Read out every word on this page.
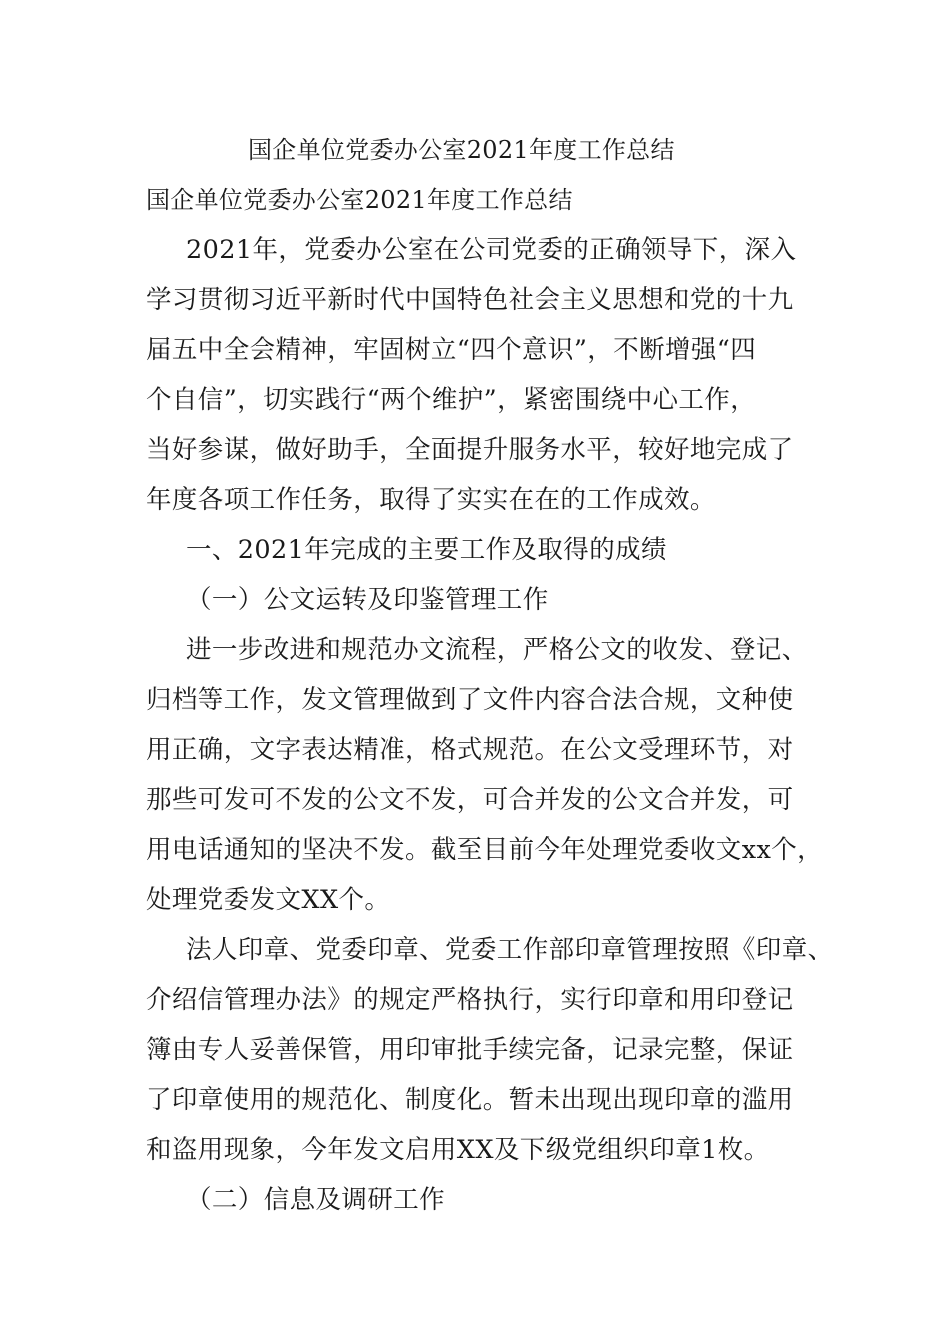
国企单位党委办公室2021年度工作总结
国企单位党委办公室2021年度工作总结
2021年，党委办公室在公司党委的正确领导下，深入
学习贯彻习近平新时代中国特色社会主义思想和党的十九
届五中全会精神，牢固树立“四个意识”，不断增强“四
个自信”，切实践行“两个维护”，紧密围绕中心工作，
当好参谋，做好助手，全面提升服务水平，较好地完成了
年度各项工作任务，取得了实实在在的工作成效。
一、2021年完成的主要工作及取得的成绩
（一）公文运转及印鉴管理工作
进一步改进和规范办文流程，严格公文的收发、登记、
归档等工作，发文管理做到了文件内容合法合规，文种使
用正确，文字表达精准，格式规范。在公文受理环节，对
那些可发可不发的公文不发，可合并发的公文合并发，可
用电话通知的坚决不发。截至目前今年处理党委收文xx个，
处理党委发文XX个。
法人印章、党委印章、党委工作部印章管理按照《印章、
介绍信管理办法》的规定严格执行，实行印章和用印登记
簿由专人妥善保管，用印审批手续完备，记录完整，保证
了印章使用的规范化、制度化。暂未出现出现印章的滥用
和盗用现象，今年发文启用XX及下级党组织印章1枚。
（二）信息及调研工作
